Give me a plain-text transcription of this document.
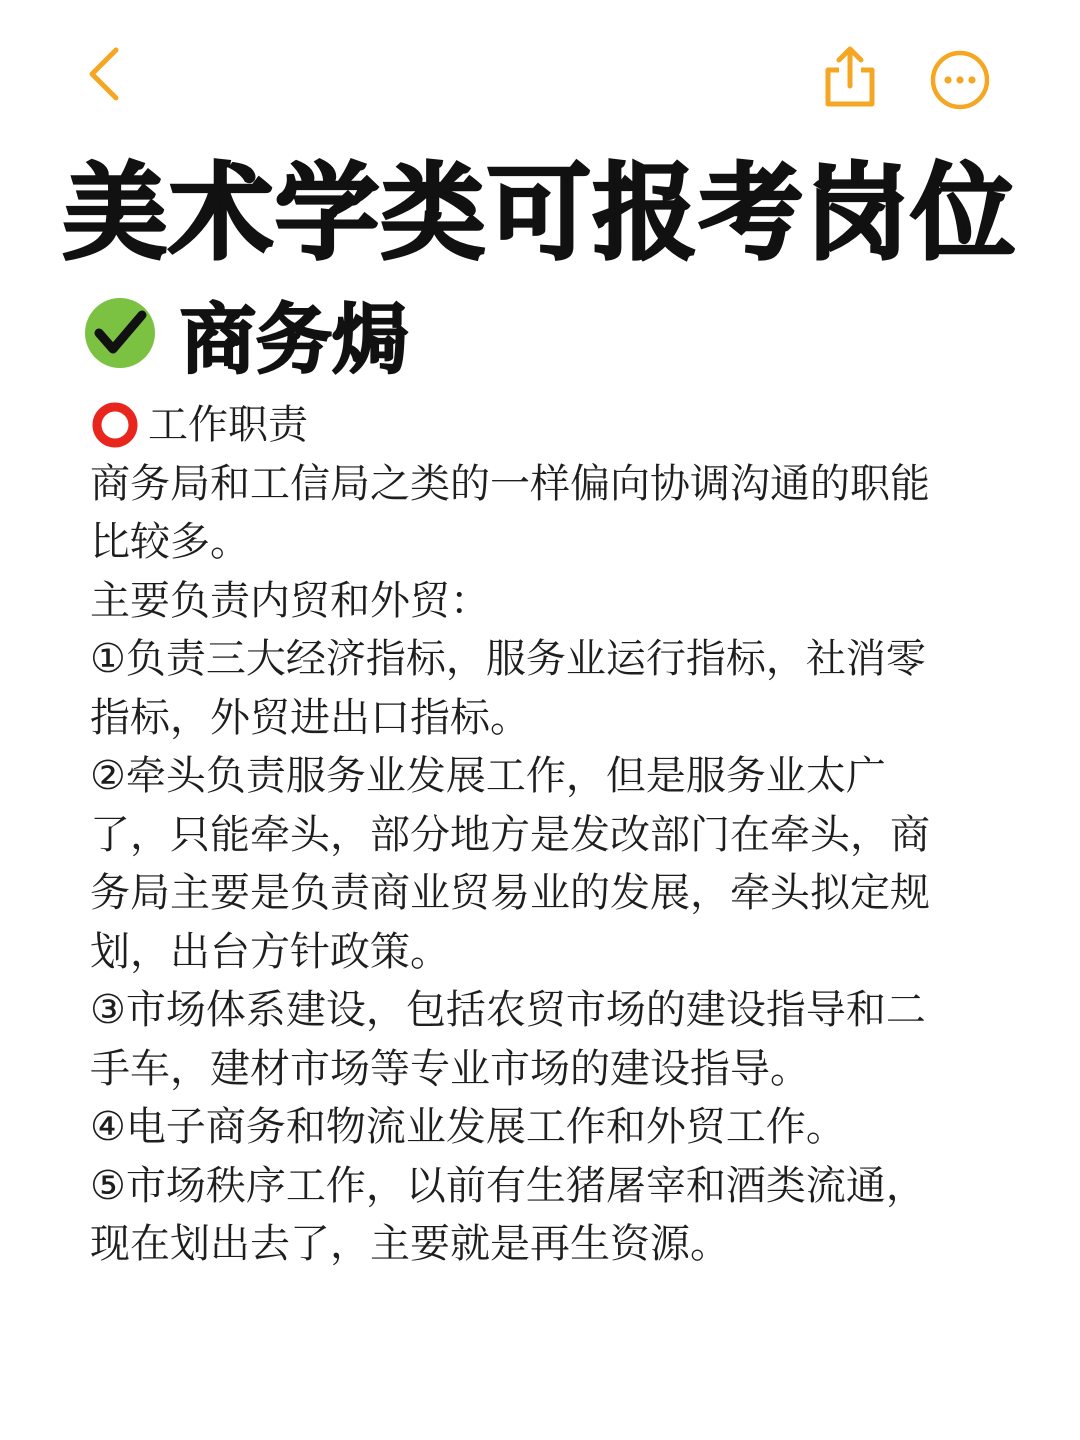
美术学类可报考岗位
商务焗
工作职责

商务局和工信局之类的一样偏向协调沟通的职能
比较多。

主要负责内贸和外贸：

①负责三大经济指标，服务业运行指标，社消零
指标，外贸进出口指标。

②牵头负责服务业发展工作，但是服务业太广
了，只能牵头，部分地方是发改部门在牵头，商
务局主要是负责商业贸易业的发展，牵头拟定规
划，出台方针政策。

③市场体系建设，包括农贸市场的建设指导和二
手车，建材市场等专业市场的建设指导。

④电子商务和物流业发展工作和外贸工作。

⑤市场秩序工作，以前有生猪屠宰和酒类流通，
现在划出去了，主要就是再生资源。
